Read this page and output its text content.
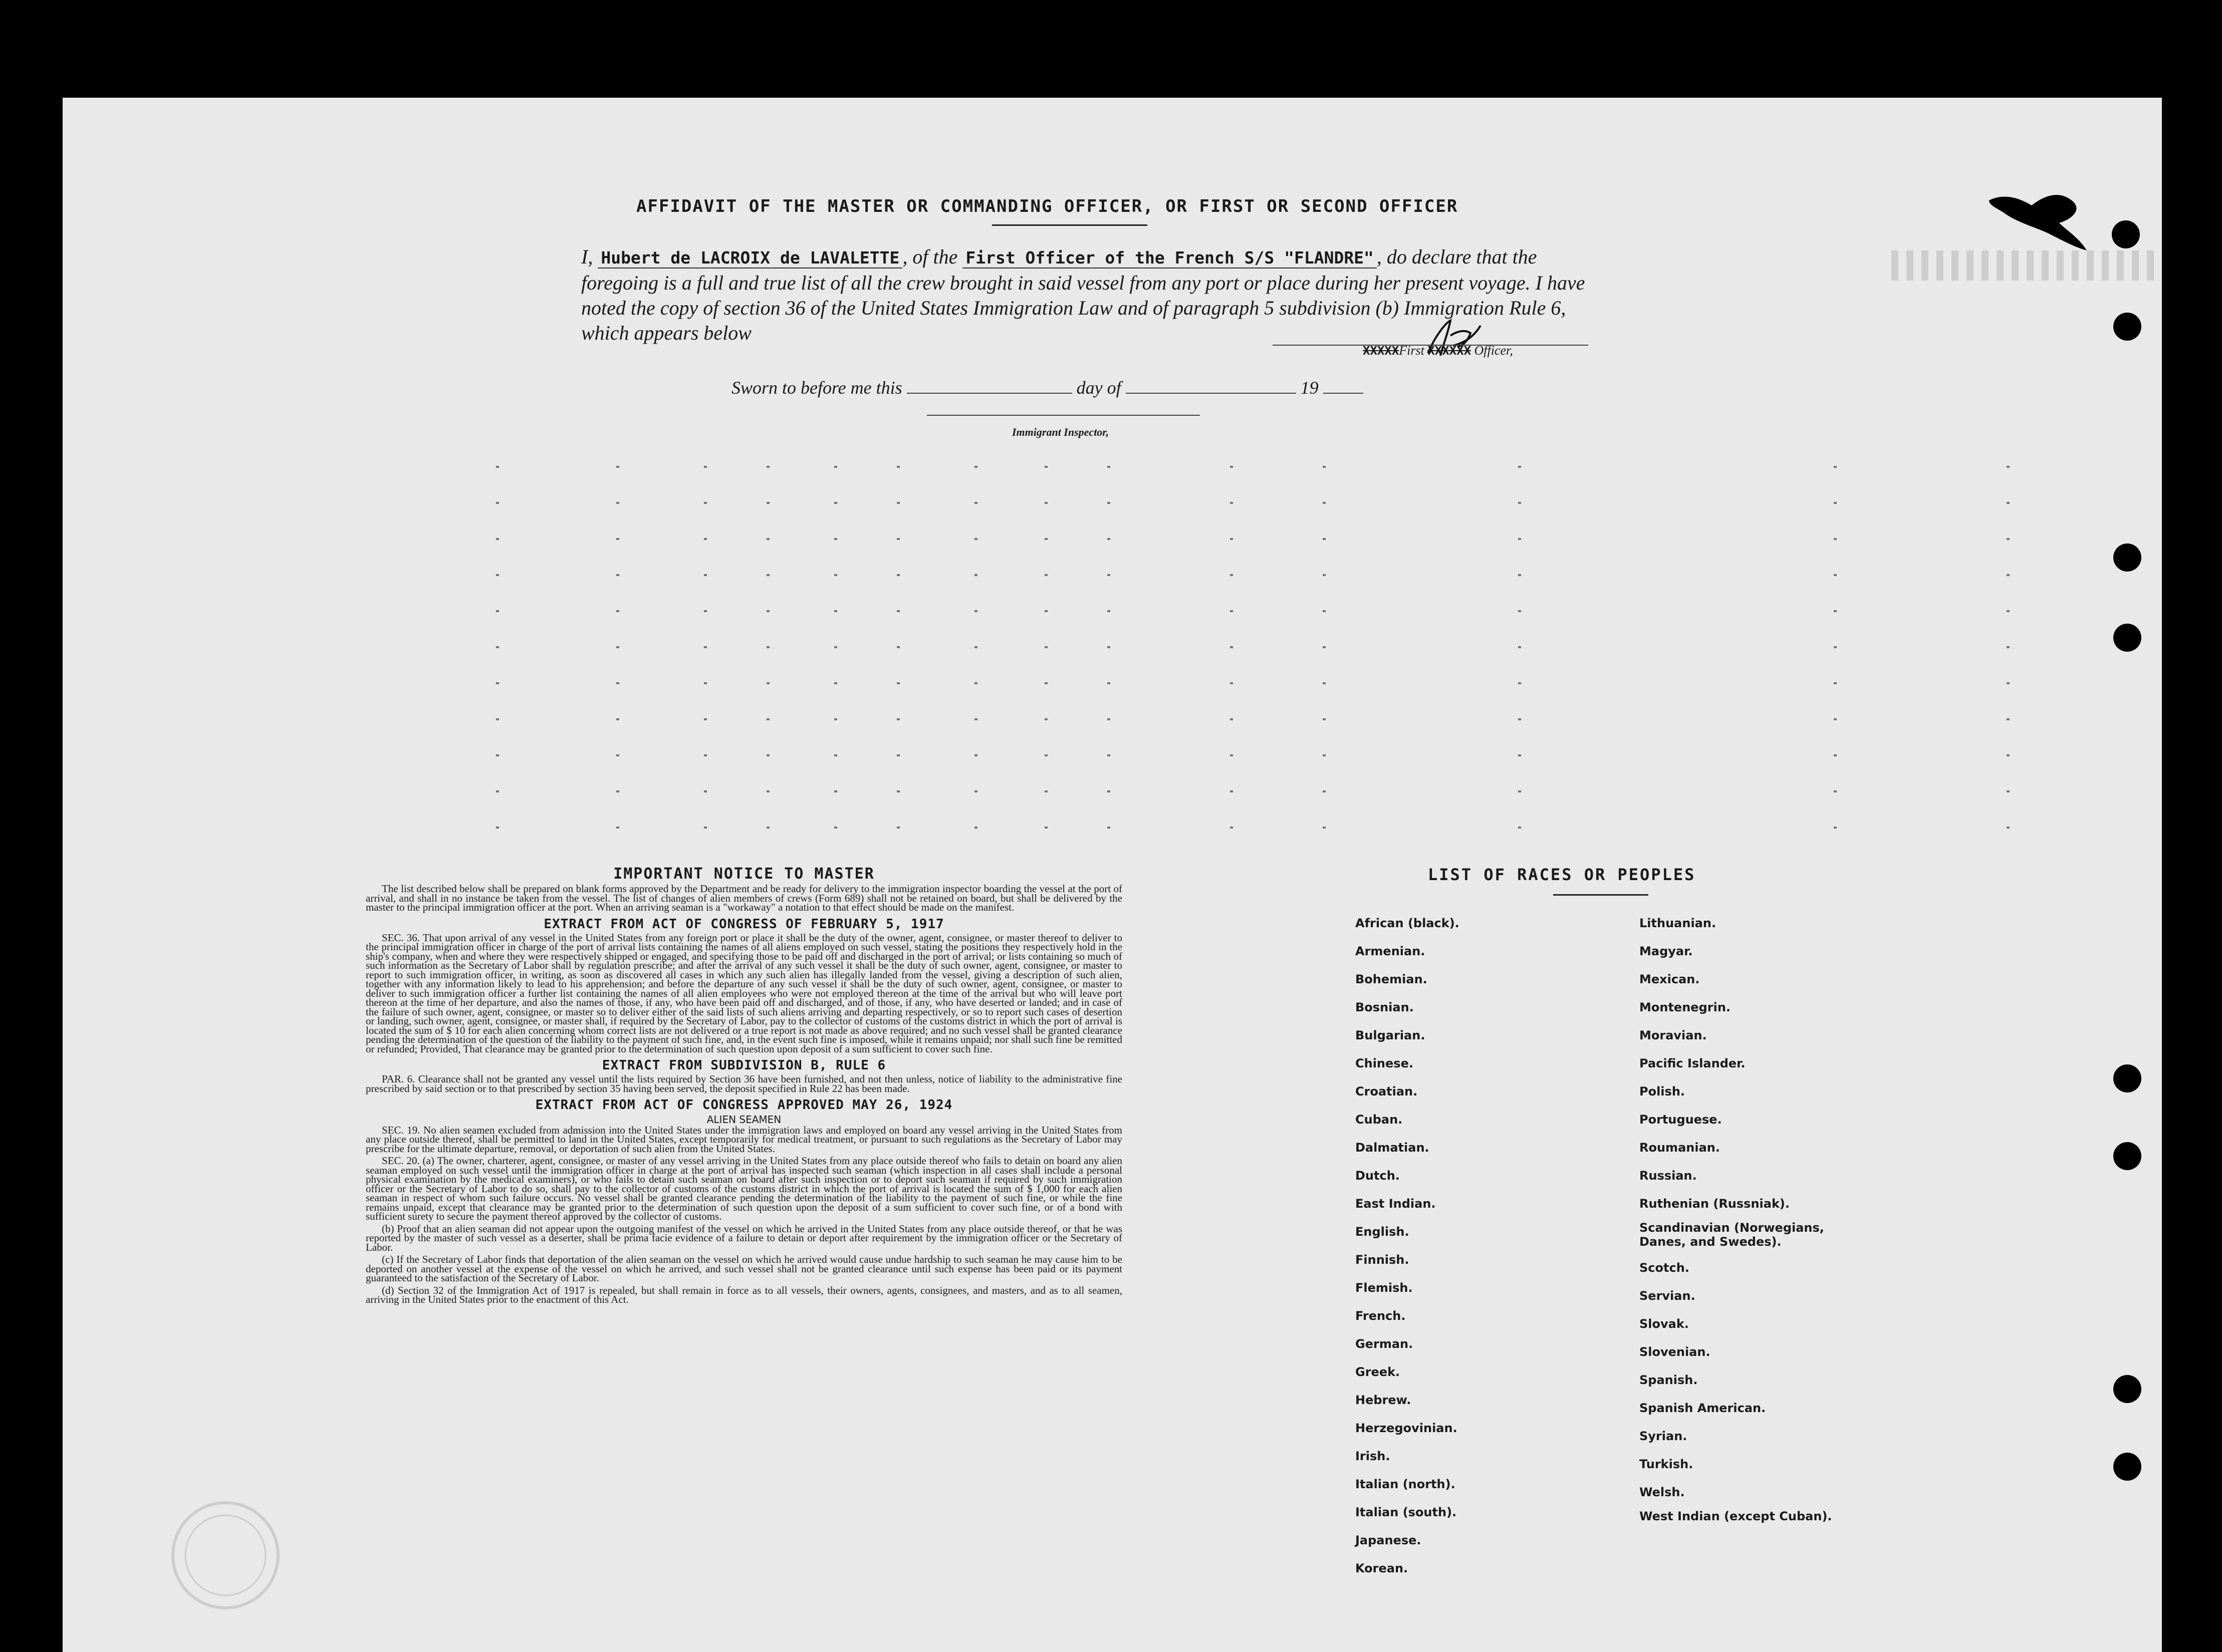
AFFIDAVIT OF THE MASTER OR COMMANDING OFFICER, OR FIRST OR SECOND OFFICER
I, Hubert de LACROIX de LAVALETTE , of the First Officer of the French S/S "FLANDRE" , do declare that the foregoing is a full and true list of all the crew brought in said vessel from any port or place during her present voyage. I have noted the copy of section 36 of the United States Immigration Law and of paragraph 5 subdivision (b) Immigration Rule 6, which appears below
XXXXXFirst XXXXXX Officer,
Sworn to before me this	day of	19
Immigrant Inspector,
IMPORTANT NOTICE TO MASTER

The list described below shall be prepared on blank forms approved by the Department and be ready for delivery to the immigration inspector boarding the vessel at the port of arrival, and shall in no instance be taken from the vessel. The list of changes of alien members of crews (Form 689) shall not be retained on board, but shall be delivered by the master to the principal immigration officer at the port. When an arriving seaman is a "workaway" a notation to that effect should be made on the manifest.

EXTRACT FROM ACT OF CONGRESS OF FEBRUARY 5, 1917

SEC. 36. That upon arrival of any vessel in the United States from any foreign port or place it shall be the duty of the owner, agent, consignee, or master thereof to deliver to the principal immigration officer in charge of the port of arrival lists containing the names of all aliens employed on such vessel, stating the positions they respectively hold in the ship's company, when and where they were respectively shipped or engaged, and specifying those to be paid off and discharged in the port of arrival; or lists containing so much of such information as the Secretary of Labor shall by regulation prescribe; and after the arrival of any such vessel it shall be the duty of such owner, agent, consignee, or master to report to such immigration officer, in writing, as soon as discovered all cases in which any such alien has illegally landed from the vessel, giving a description of such alien, together with any information likely to lead to his apprehension; and before the departure of any such vessel it shall be the duty of such owner, agent, consignee, or master to deliver to such immigration officer a further list containing the names of all alien employees who were not employed thereon at the time of the arrival but who will leave port thereon at the time of her departure, and also the names of those, if any, who have been paid off and discharged, and of those, if any, who have deserted or landed; and in case of the failure of such owner, agent, consignee, or master so to deliver either of the said lists of such aliens arriving and departing respectively, or so to report such cases of desertion or landing, such owner, agent, consignee, or master shall, if required by the Secretary of Labor, pay to the collector of customs of the customs district in which the port of arrival is located the sum of $ 10 for each alien concerning whom correct lists are not delivered or a true report is not made as above required; and no such vessel shall be granted clearance pending the determination of the question of the liability to the payment of such fine, and, in the event such fine is imposed, while it remains unpaid; nor shall such fine be remitted or refunded; Provided, That clearance may be granted prior to the determination of such question upon deposit of a sum sufficient to cover such fine.

EXTRACT FROM SUBDIVISION B, RULE 6

PAR. 6. Clearance shall not be granted any vessel until the lists required by Section 36 have been furnished, and not then unless, notice of liability to the administrative fine prescribed by said section or to that prescribed by section 35 having been served, the deposit specified in Rule 22 has been made.

EXTRACT FROM ACT OF CONGRESS APPROVED MAY 26, 1924

ALIEN SEAMEN

SEC. 19. No alien seamen excluded from admission into the United States under the immigration laws and employed on board any vessel arriving in the United States from any place outside thereof, shall be permitted to land in the United States, except temporarily for medical treatment, or pursuant to such regulations as the Secretary of Labor may prescribe for the ultimate departure, removal, or deportation of such alien from the United States.

SEC. 20. (a) The owner, charterer, agent, consignee, or master of any vessel arriving in the United States from any place outside thereof who fails to detain on board any alien seaman employed on such vessel until the immigration officer in charge at the port of arrival has inspected such seaman (which inspection in all cases shall include a personal physical examination by the medical examiners), or who fails to detain such seaman on board after such inspection or to deport such seaman if required by such immigration officer or the Secretary of Labor to do so, shall pay to the collector of customs of the customs district in which the port of arrival is located the sum of $ 1,000 for each alien seaman in respect of whom such failure occurs. No vessel shall be granted clearance pending the determination of the liability to the payment of such fine, or while the fine remains unpaid, except that clearance may be granted prior to the determination of such question upon the deposit of a sum sufficient to cover such fine, or of a bond with sufficient surety to secure the payment thereof approved by the collector of customs.

(b) Proof that an alien seaman did not appear upon the outgoing manifest of the vessel on which he arrived in the United States from any place outside thereof, or that he was reported by the master of such vessel as a deserter, shall be prima facie evidence of a failure to detain or deport after requirement by the immigration officer or the Secretary of Labor.

(c) If the Secretary of Labor finds that deportation of the alien seaman on the vessel on which he arrived would cause undue hardship to such seaman he may cause him to be deported on another vessel at the expense of the vessel on which he arrived, and such vessel shall not be granted clearance until such expense has been paid or its payment guaranteed to the satisfaction of the Secretary of Labor.

(d) Section 32 of the Immigration Act of 1917 is repealed, but shall remain in force as to all vessels, their owners, agents, consignees, and masters, and as to all seamen, arriving in the United States prior to the enactment of this Act.

LIST OF RACES OR PEOPLES
African (black).
Armenian.
Bohemian.
Bosnian.
Bulgarian.
Chinese.
Croatian.
Cuban.
Dalmatian.
Dutch.
East Indian.
English.
Finnish.
Flemish.
French.
German.
Greek.
Hebrew.
Herzegovinian.
Irish.
Italian (north).
Italian (south).
Japanese.
Korean.
Lithuanian.
Magyar.
Mexican.
Montenegrin.
Moravian.
Pacific Islander.
Polish.
Portuguese.
Roumanian.
Russian.
Ruthenian (Russniak).
Scandinavian (Norwegians, Danes, and Swedes).
Scotch.
Servian.
Slovak.
Slovenian.
Spanish.
Spanish American.
Syrian.
Turkish.
Welsh.
West Indian (except Cuban).
